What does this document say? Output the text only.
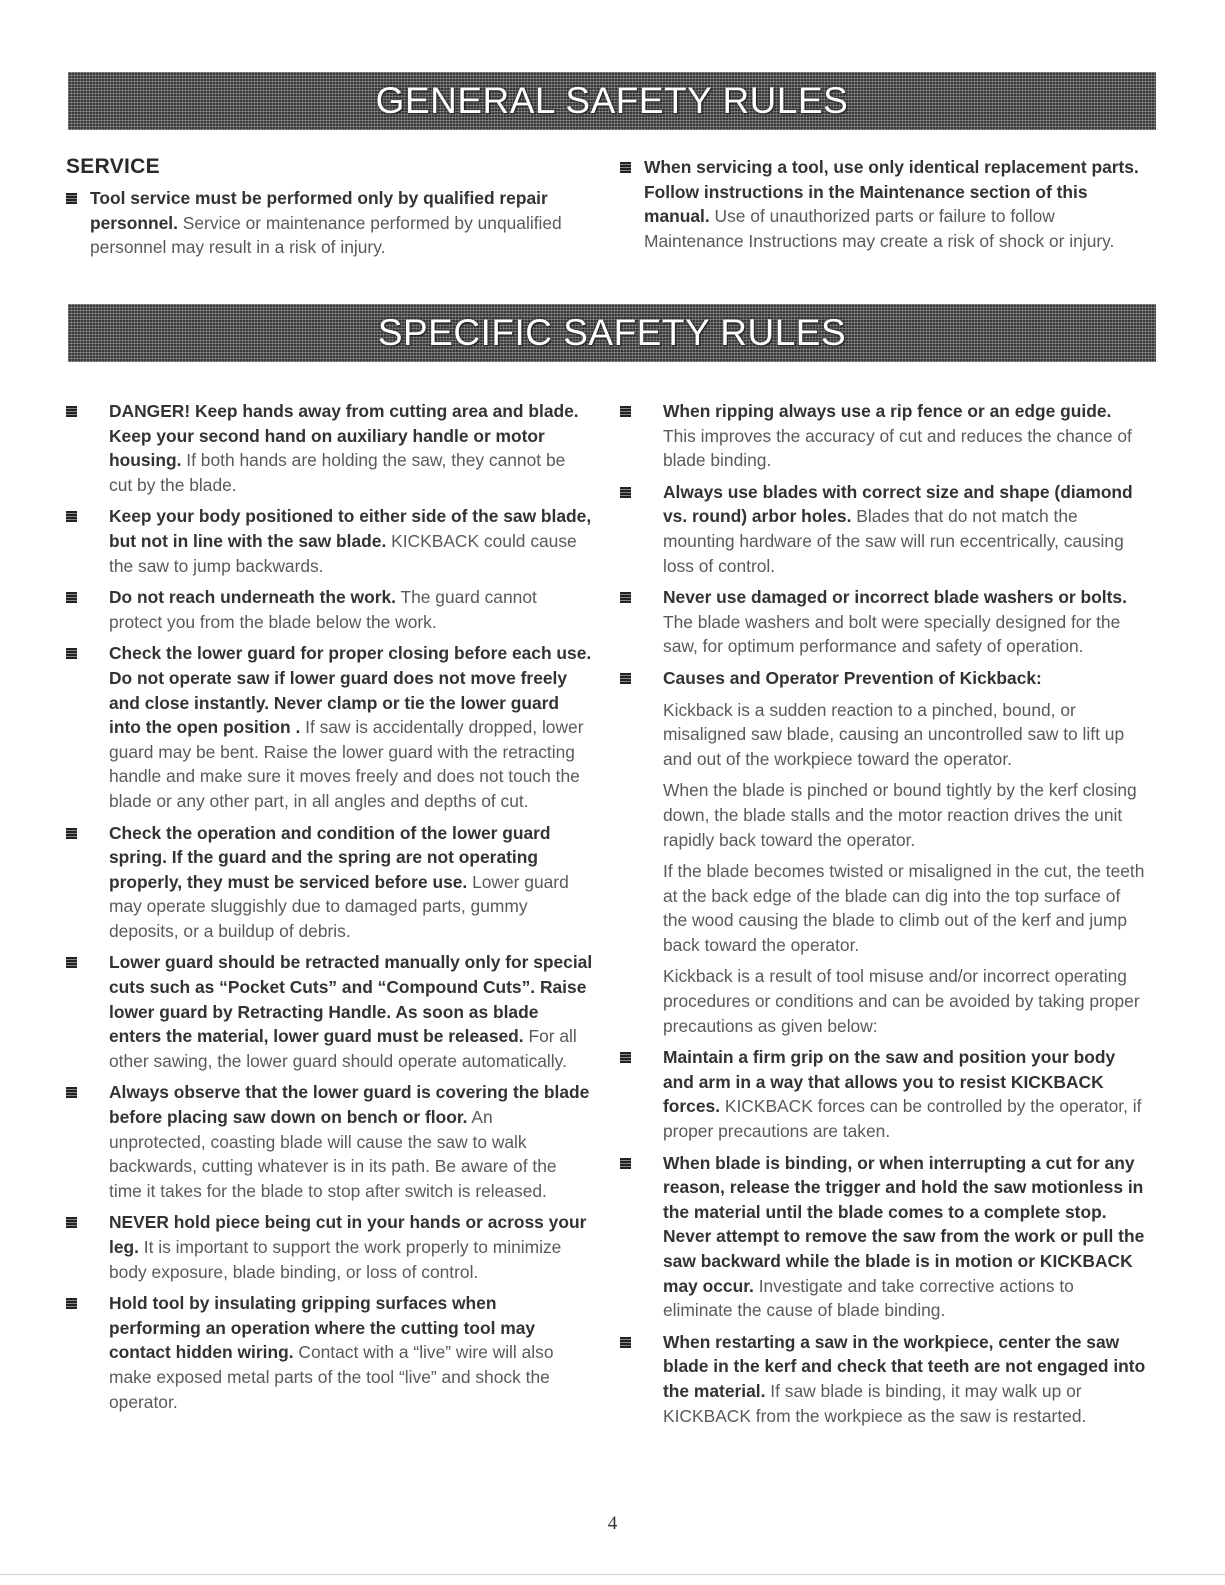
GENERAL SAFETY RULES
SPECIFIC SAFETY RULES
SERVICE
Tool service must be performed only by qualified repair personnel. Service or maintenance performed by unqualified personnel may result in a risk of injury.
When servicing a tool, use only identical replacement parts. Follow instructions in the Maintenance section of this manual. Use of unauthorized parts or failure to follow Maintenance Instructions may create a risk of shock or injury.
DANGER! Keep hands away from cutting area and blade. Keep your second hand on auxiliary handle or motor housing. If both hands are holding the saw, they cannot be cut by the blade.
Keep your body positioned to either side of the saw blade, but not in line with the saw blade. KICKBACK could cause the saw to jump backwards.
Do not reach underneath the work. The guard cannot protect you from the blade below the work.
Check the lower guard for proper closing before each use. Do not operate saw if lower guard does not move freely and close instantly. Never clamp or tie the lower guard into the open position . If saw is accidentally dropped, lower guard may be bent. Raise the lower guard with the retracting handle and make sure it moves freely and does not touch the blade or any other part, in all angles and depths of cut.
Check the operation and condition of the lower guard spring. If the guard and the spring are not operating properly, they must be serviced before use. Lower guard may operate sluggishly due to damaged parts, gummy deposits, or a buildup of debris.
Lower guard should be retracted manually only for special cuts such as “Pocket Cuts” and “Compound Cuts”. Raise lower guard by Retracting Handle. As soon as blade enters the material, lower guard must be released. For all other sawing, the lower guard should operate automatically.
Always observe that the lower guard is covering the blade before placing saw down on bench or floor. An unprotected, coasting blade will cause the saw to walk backwards, cutting whatever is in its path. Be aware of the time it takes for the blade to stop after switch is released.
NEVER hold piece being cut in your hands or across your leg. It is important to support the work properly to minimize body exposure, blade binding, or loss of control.
Hold tool by insulating gripping surfaces when performing an operation where the cutting tool may contact hidden wiring. Contact with a “live” wire will also make exposed metal parts of the tool “live” and shock the operator.
When ripping always use a rip fence or an edge guide. This improves the accuracy of cut and reduces the chance of blade binding.
Always use blades with correct size and shape (diamond vs. round) arbor holes. Blades that do not match the mounting hardware of the saw will run eccentrically, causing loss of control.
Never use damaged or incorrect blade washers or bolts. The blade washers and bolt were specially designed for the saw, for optimum performance and safety of operation.
Causes and Operator Prevention of Kickback:
Kickback is a sudden reaction to a pinched, bound, or misaligned saw blade, causing an uncontrolled saw to lift up and out of the workpiece toward the operator.
When the blade is pinched or bound tightly by the kerf closing down, the blade stalls and the motor reaction drives the unit rapidly back toward the operator.
If the blade becomes twisted or misaligned in the cut, the teeth at the back edge of the blade can dig into the top surface of the wood causing the blade to climb out of the kerf and jump back toward the operator.
Kickback is a result of tool misuse and/or incorrect operating procedures or conditions and can be avoided by taking proper precautions as given below:
Maintain a firm grip on the saw and position your body and arm in a way that allows you to resist KICKBACK forces. KICKBACK forces can be controlled by the operator, if proper precautions are taken.
When blade is binding, or when interrupting a cut for any reason, release the trigger and hold the saw motionless in the material until the blade comes to a complete stop. Never attempt to remove the saw from the work or pull the saw backward while the blade is in motion or KICKBACK may occur. Investigate and take corrective actions to eliminate the cause of blade binding.
When restarting a saw in the workpiece, center the saw blade in the kerf and check that teeth are not engaged into the material. If saw blade is binding, it may walk up or KICKBACK from the workpiece as the saw is restarted.
4
